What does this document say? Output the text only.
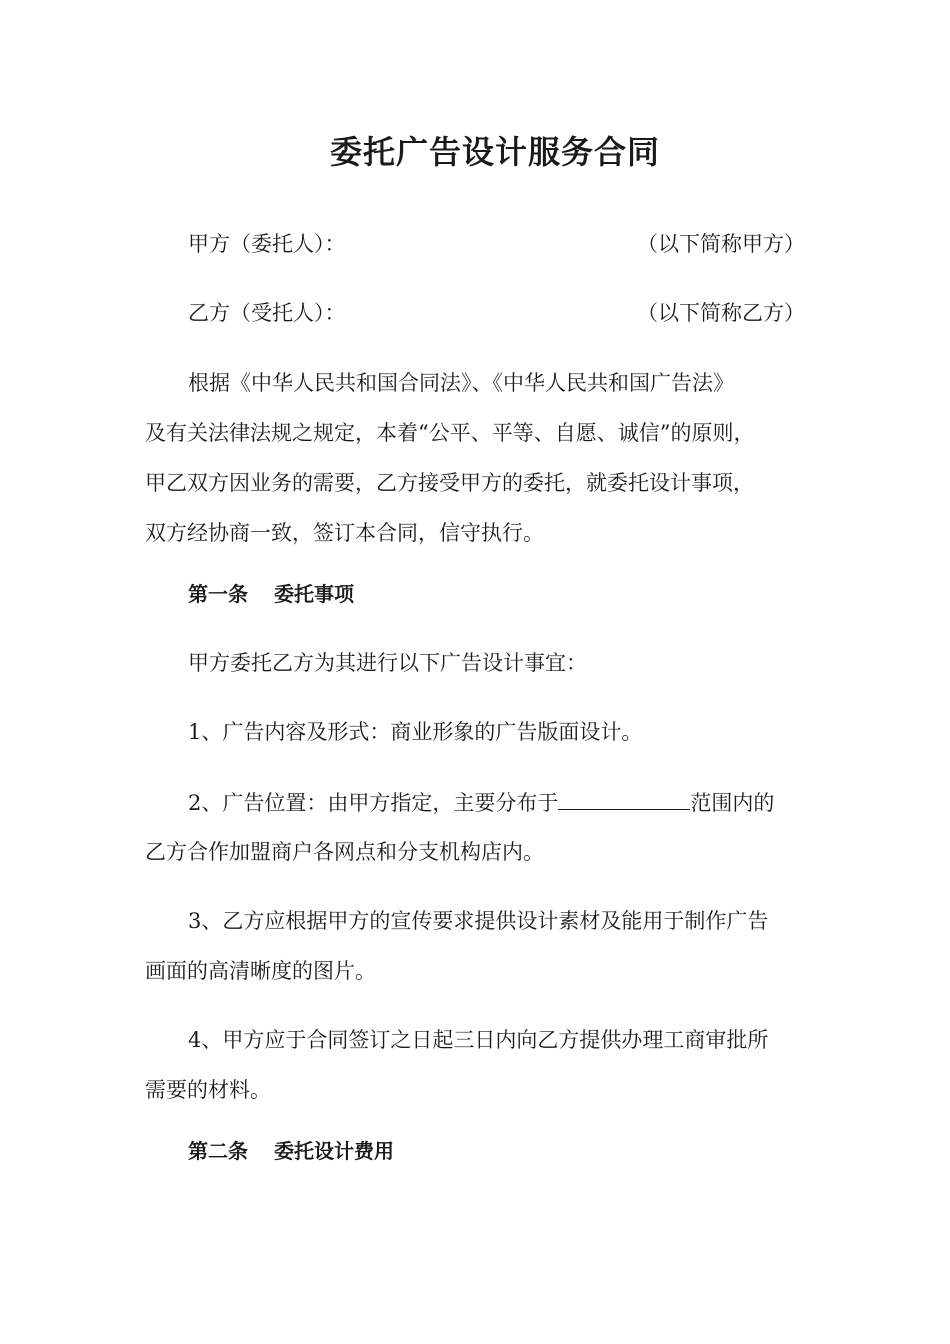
委托广告设计服务合同
甲方（委托人）：	（以下简称甲方）
乙方（受托人）：	（以下简称乙方）

根据《中华人民共和国合同法》、《中华人民共和国广告法》

及有关法律法规之规定，本着“公平、平等、自愿、诚信”的原则，

甲乙双方因业务的需要，乙方接受甲方的委托，就委托设计事项，

双方经协商一致，签订本合同，信守执行。

第一条 委托事项

甲方委托乙方为其进行以下广告设计事宜：

1、广告内容及形式：商业形象的广告版面设计。

2、广告位置：由甲方指定，主要分布于	范围内的

乙方合作加盟商户各网点和分支机构店内。

3、乙方应根据甲方的宣传要求提供设计素材及能用于制作广告

画面的高清晰度的图片。

4、甲方应于合同签订之日起三日内向乙方提供办理工商审批所

需要的材料。

第二条 委托设计费用
